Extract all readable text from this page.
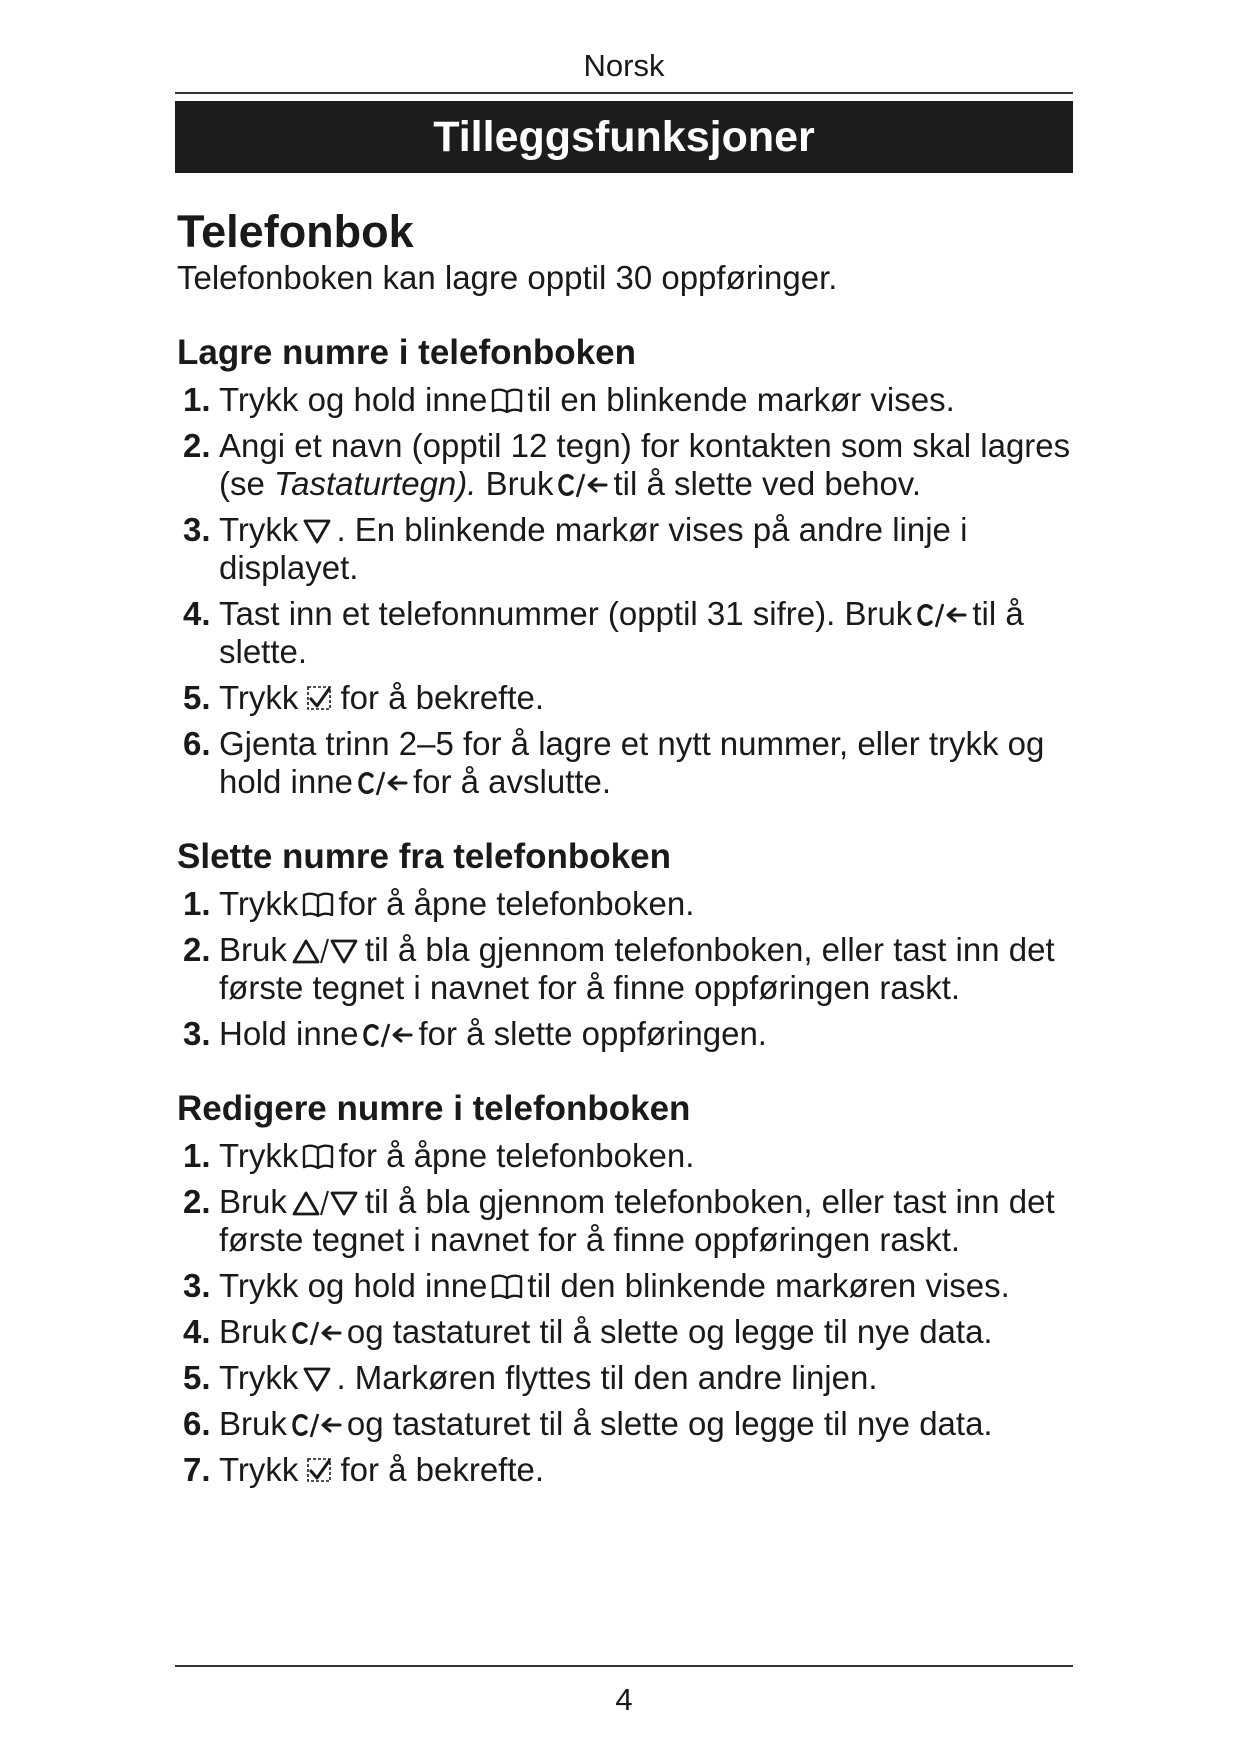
Norsk
Tilleggsfunksjoner
Telefonbok

Telefonboken kan lagre opptil 30 oppføringer.

Lagre numre i telefonboken
1. Trykk og hold inne til en blinkende markør vises.
2. Angi et navn (opptil 12 tegn) for kontakten som skal lagres
(se Tastaturtegn). Bruk til å slette ved behov.
3. Trykk . En blinkende markør vises på andre linje i displayet.
4. Tast inn et telefonnummer (opptil 31 sifre). Bruk til å slette.
5. Trykk for å bekrefte.
6. Gjenta trinn 2–5 for å lagre et nytt nummer, eller trykk og hold inne for å avslutte.
Slette numre fra telefonboken
1. Trykk for å åpne telefonboken.
2. Bruk til å bla gjennom telefonboken, eller tast inn det første tegnet i navnet for å finne oppføringen raskt.
3. Hold inne for å slette oppføringen.
Redigere numre i telefonboken
1. Trykk for å åpne telefonboken.
2. Bruk til å bla gjennom telefonboken, eller tast inn det første tegnet i navnet for å finne oppføringen raskt.
3. Trykk og hold inne til den blinkende markøren vises.
4. Bruk og tastaturet til å slette og legge til nye data.
5. Trykk . Markøren flyttes til den andre linjen.
6. Bruk og tastaturet til å slette og legge til nye data.
7. Trykk for å bekrefte.
4
